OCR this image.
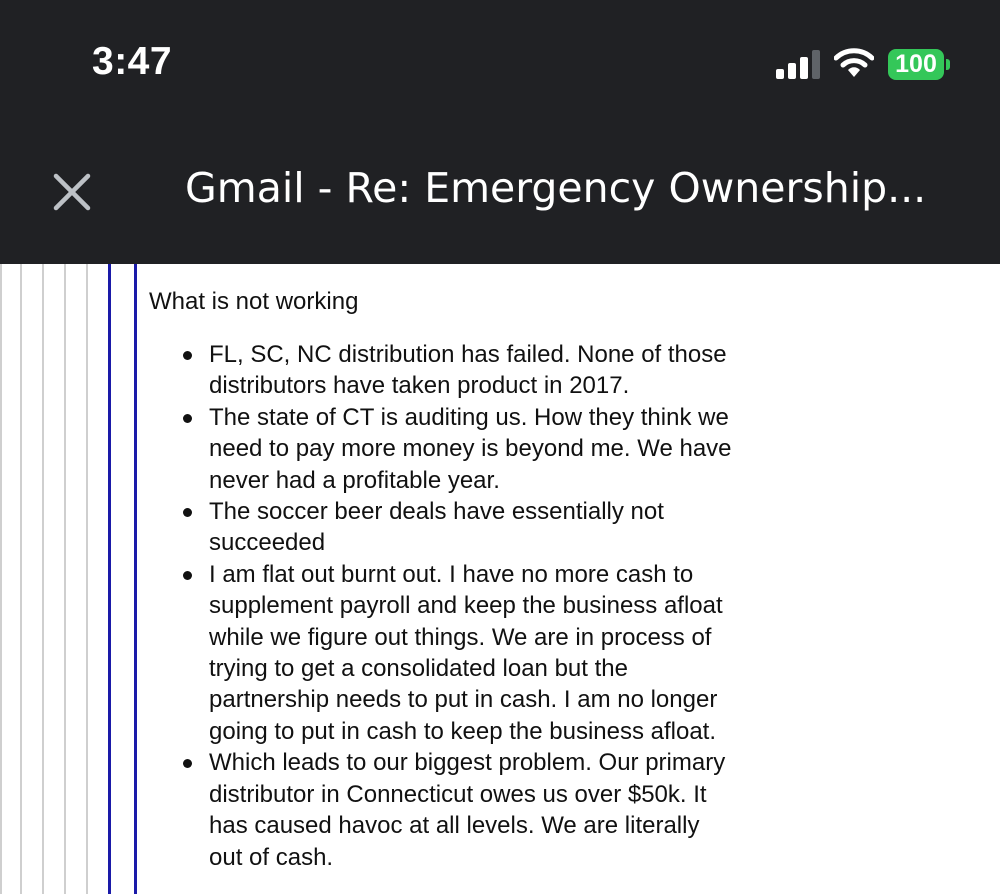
3:47	100
Gmail - Re: Emergency Ownership...
What is not working
FL, SC, NC distribution has failed. None of those
distributors have taken product in 2017.
The state of CT is auditing us. How they think we
need to pay more money is beyond me. We have
never had a profitable year.
The soccer beer deals have essentially not
succeeded
I am flat out burnt out. I have no more cash to
supplement payroll and keep the business afloat
while we figure out things. We are in process of
trying to get a consolidated loan but the
partnership needs to put in cash. I am no longer
going to put in cash to keep the business afloat.
Which leads to our biggest problem. Our primary
distributor in Connecticut owes us over $50k. It
has caused havoc at all levels. We are literally
out of cash.
